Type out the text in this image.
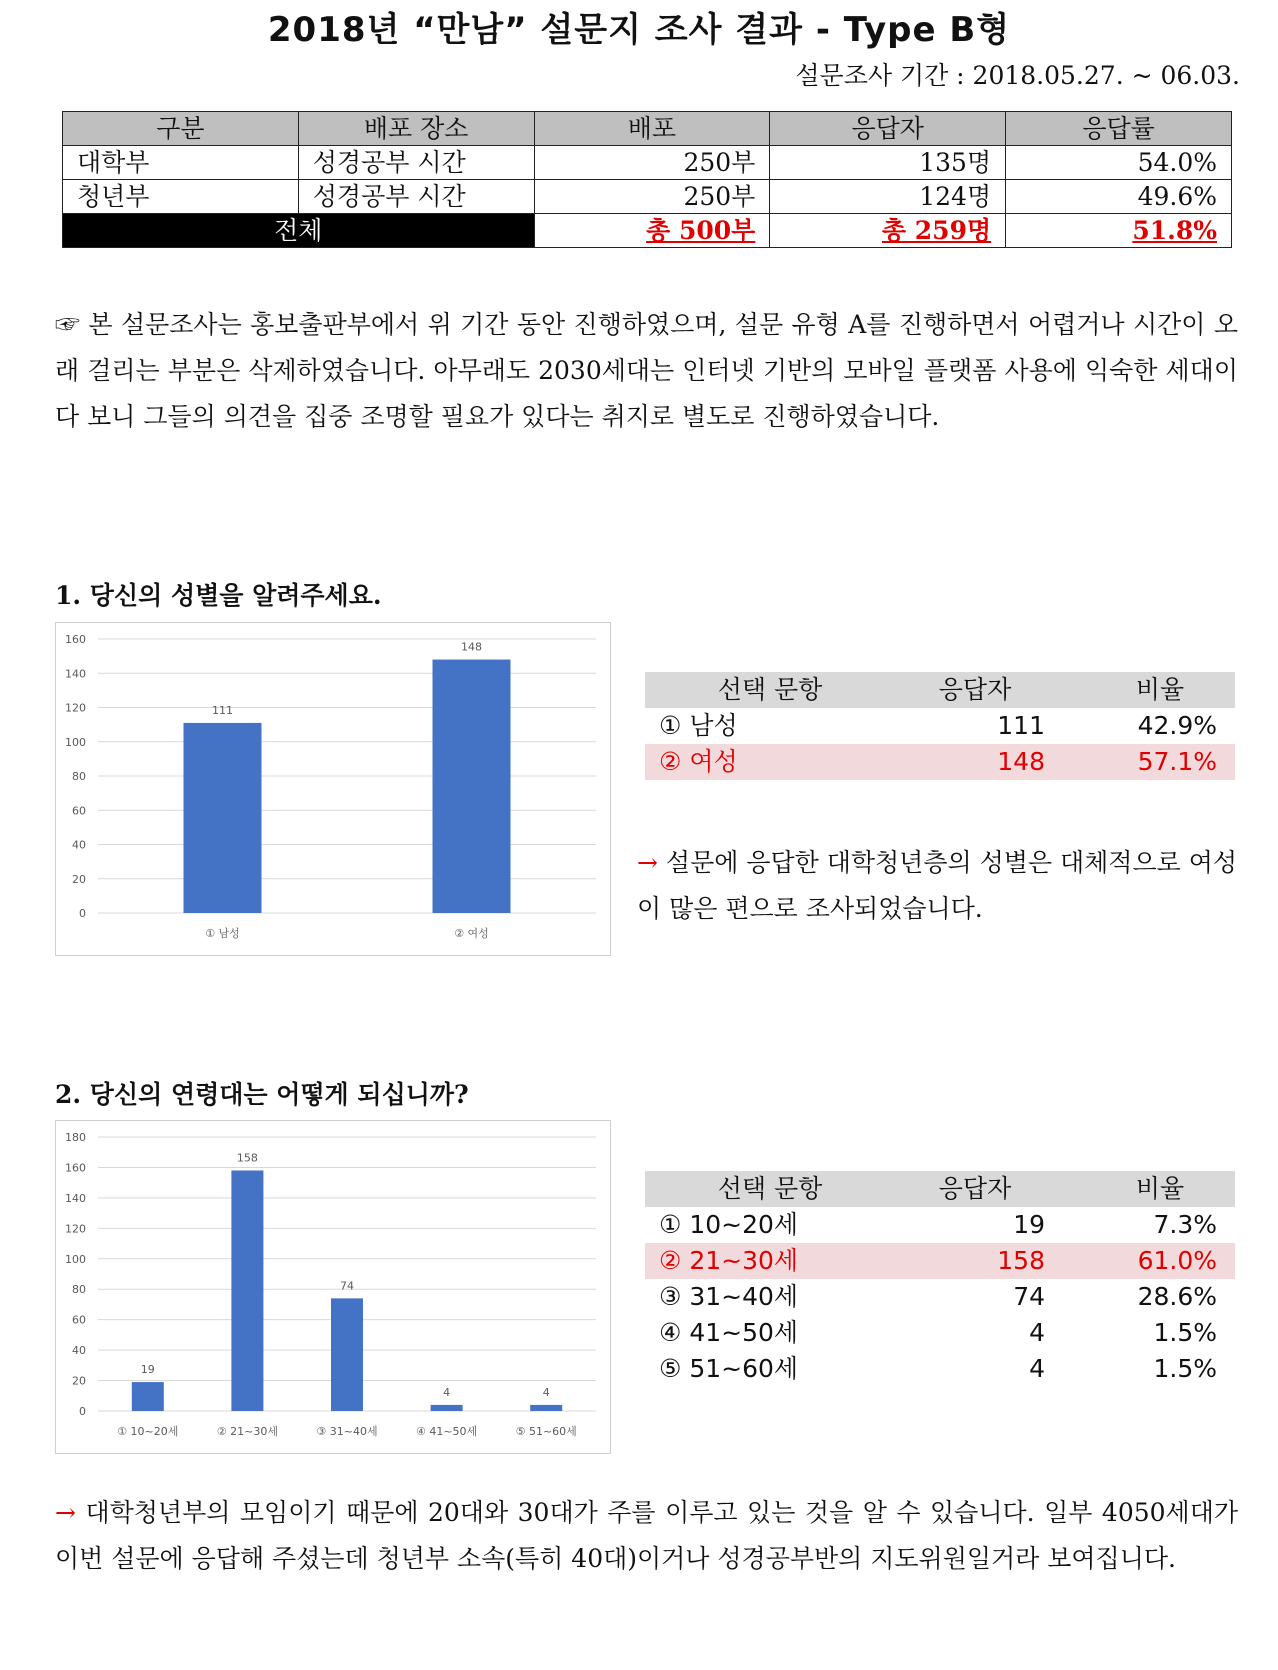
2018년 “만남” 설문지 조사 결과 - Type B형
설문조사 기간 : 2018.05.27. ~ 06.03.
구분	배포 장소	배포	응답자	응답률
대학부	성경공부 시간	250부	135명	54.0%
청년부	성경공부 시간	250부	124명	49.6%
전체		총 500부	총 259명	51.8%
☞ 본 설문조사는 홍보출판부에서 위 기간 동안 진행하였으며, 설문 유형 A를 진행하면서 어렵거나 시간이 오래 걸리는 부분은 삭제하였습니다. 아무래도 2030세대는 인터넷 기반의 모바일 플랫폼 사용에 익숙한 세대이다 보니 그들의 의견을 집중 조명할 필요가 있다는 취지로 별도로 진행하였습니다.
1. 당신의 성별을 알려주세요.
0
20
40
60
80
100
120
140
160
111
① 남성
148
② 여성
선택 문항	응답자	비율
① 남성	111	42.9%
② 여성	148	57.1%
→ 설문에 응답한 대학청년층의 성별은 대체적으로 여성이 많은 편으로 조사되었습니다.
2. 당신의 연령대는 어떻게 되십니까?
0
20
40
60
80
100
120
140
160
180
19
① 10~20세
158
② 21~30세
74
③ 31~40세
4
④ 41~50세
4
⑤ 51~60세
선택 문항	응답자	비율
① 10~20세	19	7.3%
② 21~30세	158	61.0%
③ 31~40세	74	28.6%
④ 41~50세	4	1.5%
⑤ 51~60세	4	1.5%
→ 대학청년부의 모임이기 때문에 20대와 30대가 주를 이루고 있는 것을 알 수 있습니다. 일부 4050세대가 이번 설문에 응답해 주셨는데 청년부 소속(특히 40대)이거나 성경공부반의 지도위원일거라 보여집니다.
